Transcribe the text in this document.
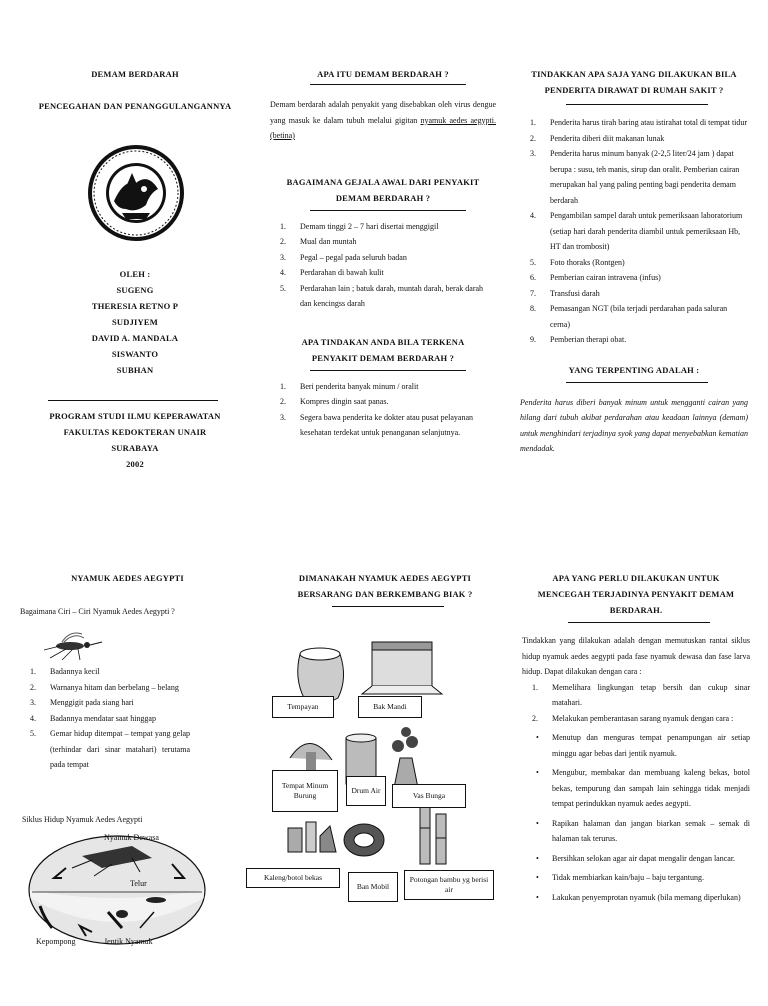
DEMAM BERDARAH

PENCEGAHAN DAN PENANGGULANGANNYA

OLEH :

SUGENG

THERESIA RETNO P

SUDJIYEM

DAVID A. MANDALA

SISWANTO

SUBHAN

PROGRAM STUDI ILMU KEPERAWATAN

FAKULTAS KEDOKTERAN UNAIR

SURABAYA

2002

APA ITU DEMAM BERDARAH ?

Demam berdarah adalah penyakit yang disebabkan oleh virus dengue yang masuk ke dalam tubuh melalui gigitan nyamuk aedes aegypti. (betina)

BAGAIMANA GEJALA AWAL DARI PENYAKIT DEMAM BERDARAH ?

1. Demam tinggi 2 – 7 hari disertai menggigil
2. Mual dan muntah
3. Pegal – pegal pada seluruh badan
4. Perdarahan di bawah kulit
5. Perdarahan lain ; batuk darah, muntah darah, berak darah dan kencingss darah

APA TINDAKAN ANDA BILA TERKENA PENYAKIT DEMAM BERDARAH ?

1. Beri penderita banyak minum / oralit
2. Kompres dingin saat panas.
3. Segera bawa penderita ke dokter atau pusat pelayanan kesehatan terdekat untuk penanganan selanjutnya.

TINDAKKAN APA SAJA YANG DILAKUKAN BILA PENDERITA DIRAWAT DI RUMAH SAKIT ?

1. Penderita harus tirah baring atau istirahat total di tempat tidur
2. Penderita diberi diit makanan lunak
3. Penderita harus minum banyak (2-2,5 liter/24 jam ) dapat berupa : susu, teh manis, sirup dan oralit. Pemberian cairan merupakan hal yang paling penting bagi penderita demam berdarah
4. Pengambilan sampel darah untuk pemeriksaan laboratorium (setiap hari darah penderita diambil untuk pemeriksaan Hb, HT dan trombosit)
5. Foto thoraks (Rontgen)
6. Pemberian cairan intravena (infus)
7. Transfusi darah
8. Pemasangan NGT (bila terjadi perdarahan pada saluran cerna)
9. Pemberian therapi obat.

YANG TERPENTING ADALAH :

Penderita harus diberi banyak minum untuk mengganti cairan yang hilang dari tubuh akibat perdarahan atau keadaan lainnya (demam) untuk menghindari terjadinya syok yang dapat menyebabkan kematian mendadak.

NYAMUK AEDES AEGYPTI

Bagaimana Ciri – Ciri Nyamuk Aedes Aegypti ?

1. Badannya kecil
2. Warnanya hitam dan berbelang – belang
3. Menggigit pada siang hari
4. Badannya mendatar saat hinggap
5. Gemar hidup ditempat – tempat yang gelap (terhindar dari sinar matahari) terutama pada tempat

Siklus Hidup Nyamuk Aedes Aegypti

Nyamuk Dewasa
Telur
Kepompong	Jentik Nyamuk

DIMANAKAH NYAMUK AEDES AEGYPTI BERSARANG DAN BERKEMBANG BIAK ?

Tempayan	Bak Mandi
Tempat Minum Burung
Drum Air
Vas Bunga
Kaleng/botol bekas
Ban Mobil
Potongan bambu yg berisi air

APA YANG PERLU DILAKUKAN UNTUK MENCEGAH TERJADINYA PENYAKIT DEMAM
BERDARAH.

Tindakkan yang dilakukan adalah dengan memutuskan rantai siklus hidup nyamuk aedes aegypti pada fase nyamuk dewasa dan fase larva hidup. Dapat dilakukan dengan cara :

1. Memelihara lingkungan tetap bersih dan cukup sinar matahari.
2. Melakukan pemberantasan sarang nyamuk dengan cara :
• Menutup dan menguras tempat penampungan air setiap minggu agar bebas dari jentik nyamuk.
• Mengubur, membakar dan membuang kaleng bekas, botol bekas, tempurung dan sampah lain sehingga tidak menjadi tempat perindukkan nyamuk aedes aegypti.
• Rapikan halaman dan jangan biarkan semak – semak di halaman tak terurus.
• Bersihkan selokan agar air dapat mengalir dengan lancar.
• Tidak membiarkan kain/baju – baju tergantung.
• Lakukan penyemprotan nyamuk (bila memang diperlukan)
